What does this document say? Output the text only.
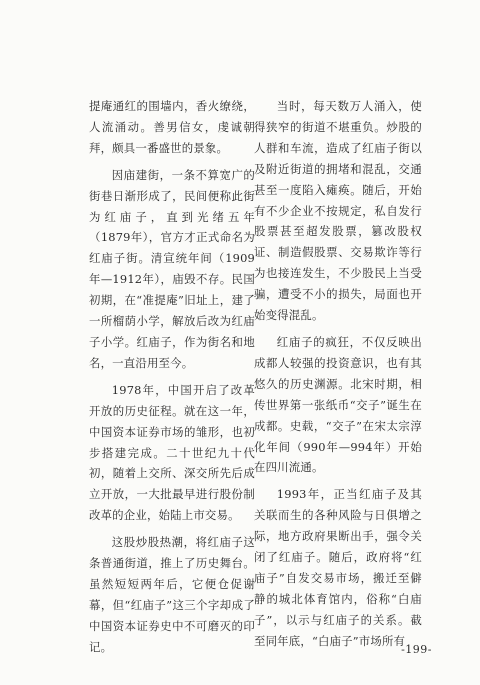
提庵通红的围墙内，香火缭绕，人流涌动。善男信女，虔诚朝拜，颇具一番盛世的景象。

因庙建街，一条不算宽广的街巷日渐形成了，民间便称此街为红庙子，直到光绪五年（1879年），官方才正式命名为红庙子街。清宣统年间（1909年—1912年），庙毁不存。民国初期，在“准提庵”旧址上，建了一所榴荫小学，解放后改为红庙子小学。红庙子，作为街名和地名，一直沿用至今。

1978年，中国开启了改革开放的历史征程。就在这一年，中国资本证券市场的雏形，也初步搭建完成。二十世纪九十代初，随着上交所、深交所先后成立开放，一大批最早进行股份制改革的企业，始陆上市交易。

这股炒股热潮，将红庙子这条普通街道，推上了历史舞台。虽然短短两年后，它便仓促谢幕，但“红庙子”这三个字却成了中国资本证券史中不可磨灭的印记。

当时，每天数万人涌入，使得狭窄的街道不堪重负。炒股的人群和车流，造成了红庙子街以及附近街道的拥堵和混乱，交通甚至一度陷入瘫痪。随后，开始有不少企业不按规定，私自发行股票甚至超发股票，篡改股权证、制造假股票、交易欺诈等行为也接连发生，不少股民上当受骗，遭受不小的损失，局面也开始变得混乱。

红庙子的疯狂，不仅反映出成都人较强的投资意识，也有其悠久的历史渊源。北宋时期，相传世界第一张纸币“交子”诞生在成都。史载，“交子”在宋太宗淳化年间（990年—994年）开始在四川流通。

1993年，正当红庙子及其关联而生的各种风险与日俱增之际，地方政府果断出手，强令关闭了红庙子。随后，政府将“红庙子”自发交易市场，搬迁至僻静的城北体育馆内，俗称“白庙子”，以示与红庙子的关系。截至同年底，“白庙子”市场所有

-199-
